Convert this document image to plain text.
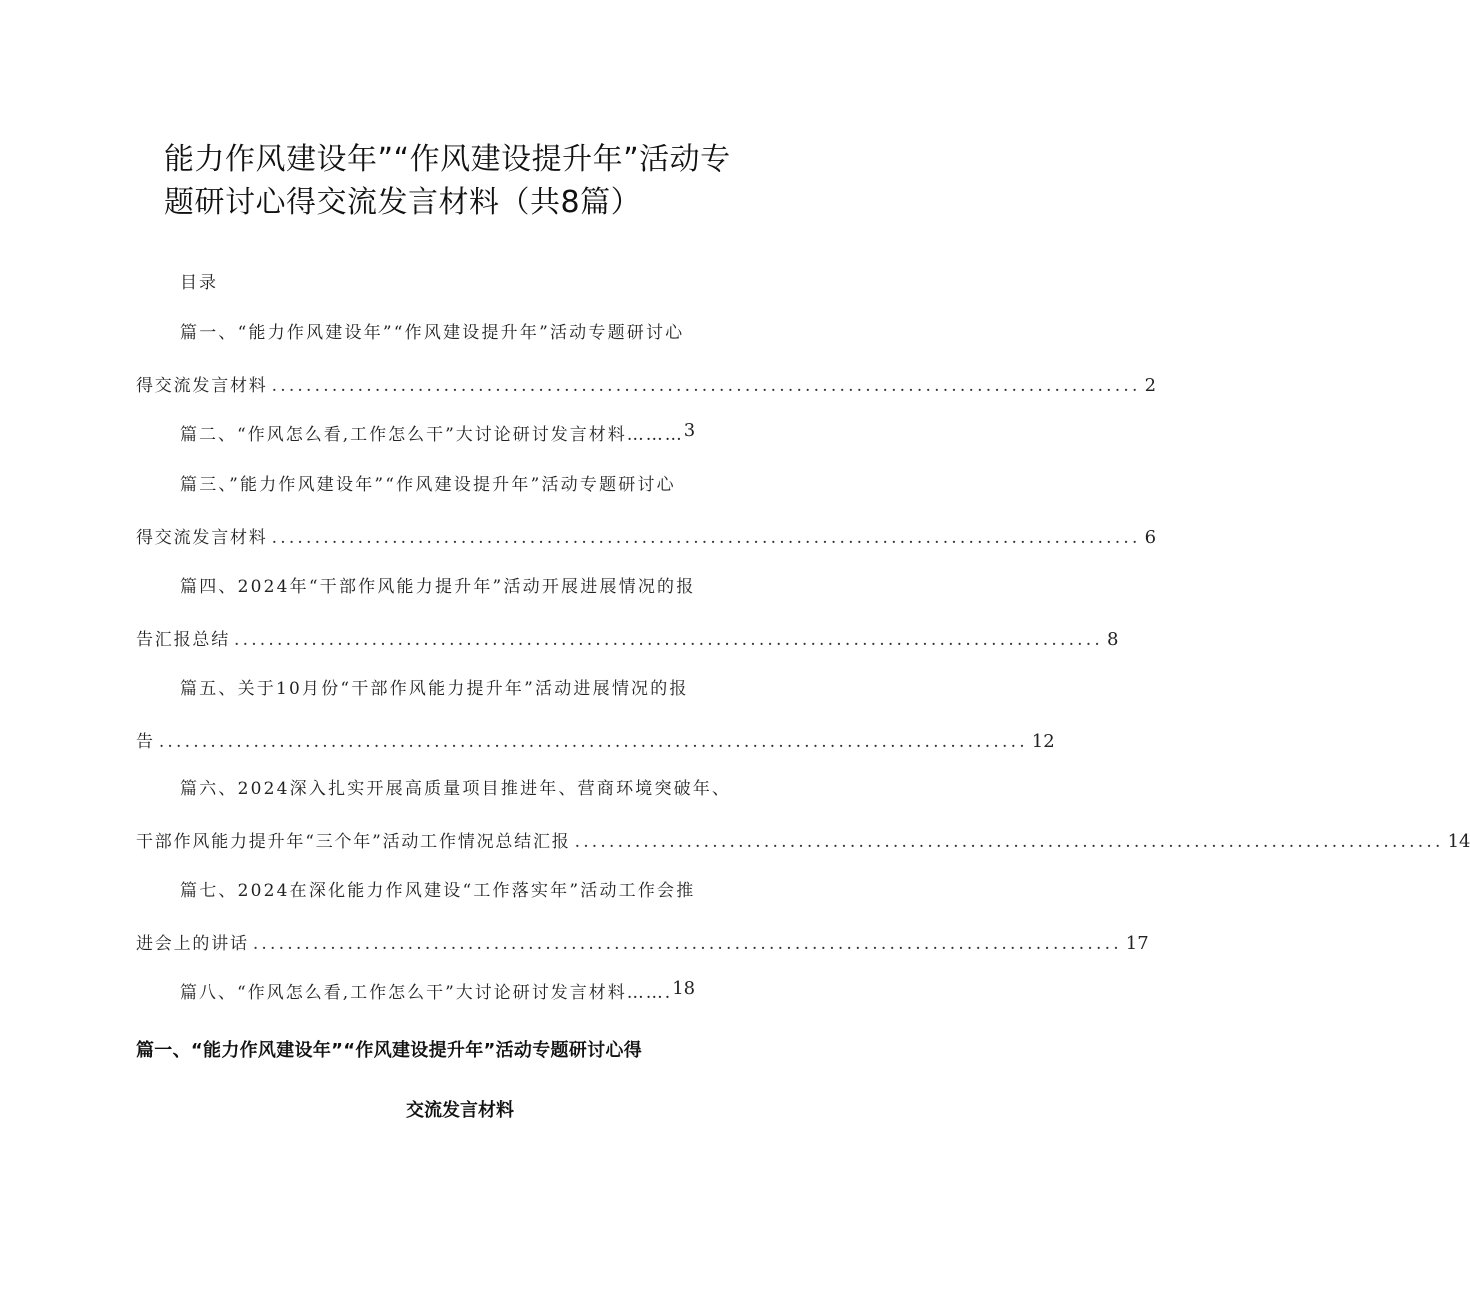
能力作风建设年”“作风建设提升年”活动专
题研讨心得交流发言材料（共8篇）
目录
篇一、“能力作风建设年”“作风建设提升年”活动专题研讨心
得交流发言材料 ..................................................................................................... 2
篇二、“作风怎么看,工作怎么干”大讨论研讨发言材料……… 3
篇三、”能力作风建设年”“作风建设提升年”活动专题研讨心
得交流发言材料 ..................................................................................................... 6
篇四、2024年“干部作风能力提升年”活动开展进展情况的报
告汇报总结 ..................................................................................................... 8
篇五、关于10月份“干部作风能力提升年”活动进展情况的报
告 ..................................................................................................... 12
篇六、2024深入扎实开展高质量项目推进年、营商环境突破年、
干部作风能力提升年“三个年”活动工作情况总结汇报 ..................................................................................................... 14
篇七、2024在深化能力作风建设“工作落实年”活动工作会推
进会上的讲话 ..................................................................................................... 17
篇八、“作风怎么看,工作怎么干”大讨论研讨发言材料……. 18
篇一、“能力作风建设年”“作风建设提升年”活动专题研讨心得
交流发言材料
